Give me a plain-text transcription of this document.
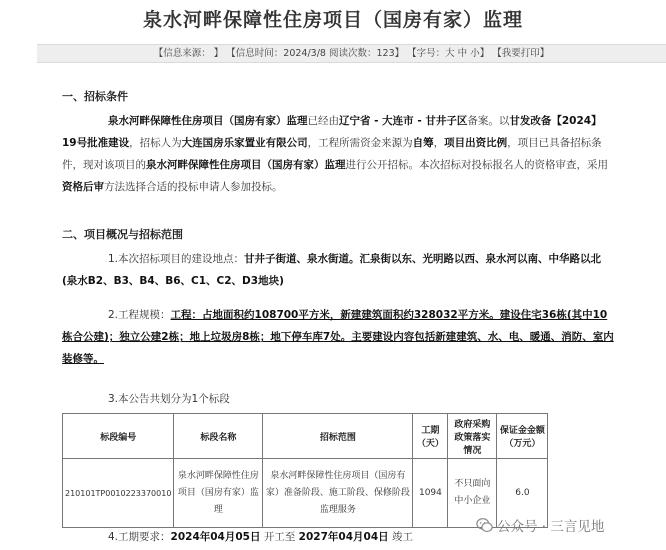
泉水河畔保障性住房项目（国房有家）监理
【信息来源： 】 【信息时间：2024/3/8 阅读次数：123】 【字号：大 中 小】 【我要打印】
一、招标条件
泉水河畔保障性住房项目（国房有家）监理已经由辽宁省 - 大连市 - 甘井子区备案。以甘发改备【2024】19号批准建设，招标人为大连国房乐家置业有限公司，工程所需资金来源为自筹，项目出资比例，项目已具备招标条件，现对该项目的泉水河畔保障性住房项目（国房有家）监理进行公开招标。本次招标对投标报名人的资格审查，采用资格后审方法选择合适的投标申请人参加投标。
二、项目概况与招标范围
1.本次招标项目的建设地点：甘井子街道、泉水街道。汇泉街以东、光明路以西、泉水河以南、中华路以北(泉水B2、B3、B4、B6、C1、C2、D3地块)
2.工程规模：工程：占地面积约108700平方米，新建建筑面积约328032平方米。建设住宅36栋(其中10栋合公建)；独立公建2栋；地上垃圾房8栋；地下停车库7处。主要建设内容包括新建建筑、水、电、暖通、消防、室内装修等。
3.本公告共划分为1个标段
标段编号	标段名称	招标范围	工期（天）	政府采购政策落实情况	保证金金额（万元）
210101TP0010223370010	泉水河畔保障性住房项目（国房有家）监理	泉水河畔保障性住房项目（国房有家）准备阶段、施工阶段、保修阶段监理服务	1094	不只面向中小企业	6.0
4.工期要求：2024年04月05日 开工至 2027年04月04日 竣工
公众号 · 三言见地
